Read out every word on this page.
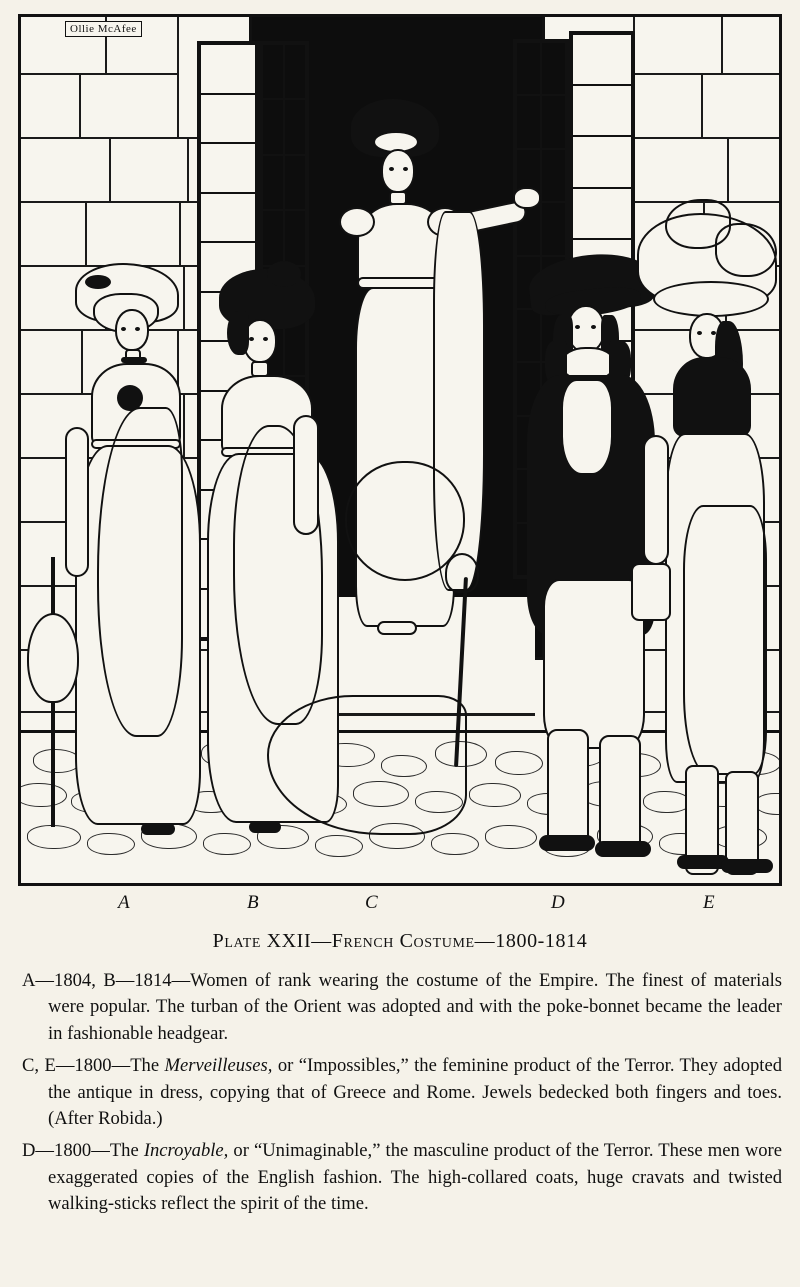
Ollie McAfee
A	B	C	D	E
Plate XXII—French Costume—1800-1814

A—1804, B—1814—Women of rank wearing the costume of the Empire. The finest of materials were popular. The turban of the Orient was adopted and with the poke-bonnet became the leader in fashionable headgear.

C, E—1800—The Merveilleuses, or “Impossibles,” the feminine product of the Terror. They adopted the antique in dress, copying that of Greece and Rome. Jewels bedecked both fingers and toes. (After Robida.)

D—1800—The Incroyable, or “Unimaginable,” the masculine product of the Terror. These men wore exaggerated copies of the English fashion. The high-collared coats, huge cravats and twisted walking-sticks reflect the spirit of the time.
